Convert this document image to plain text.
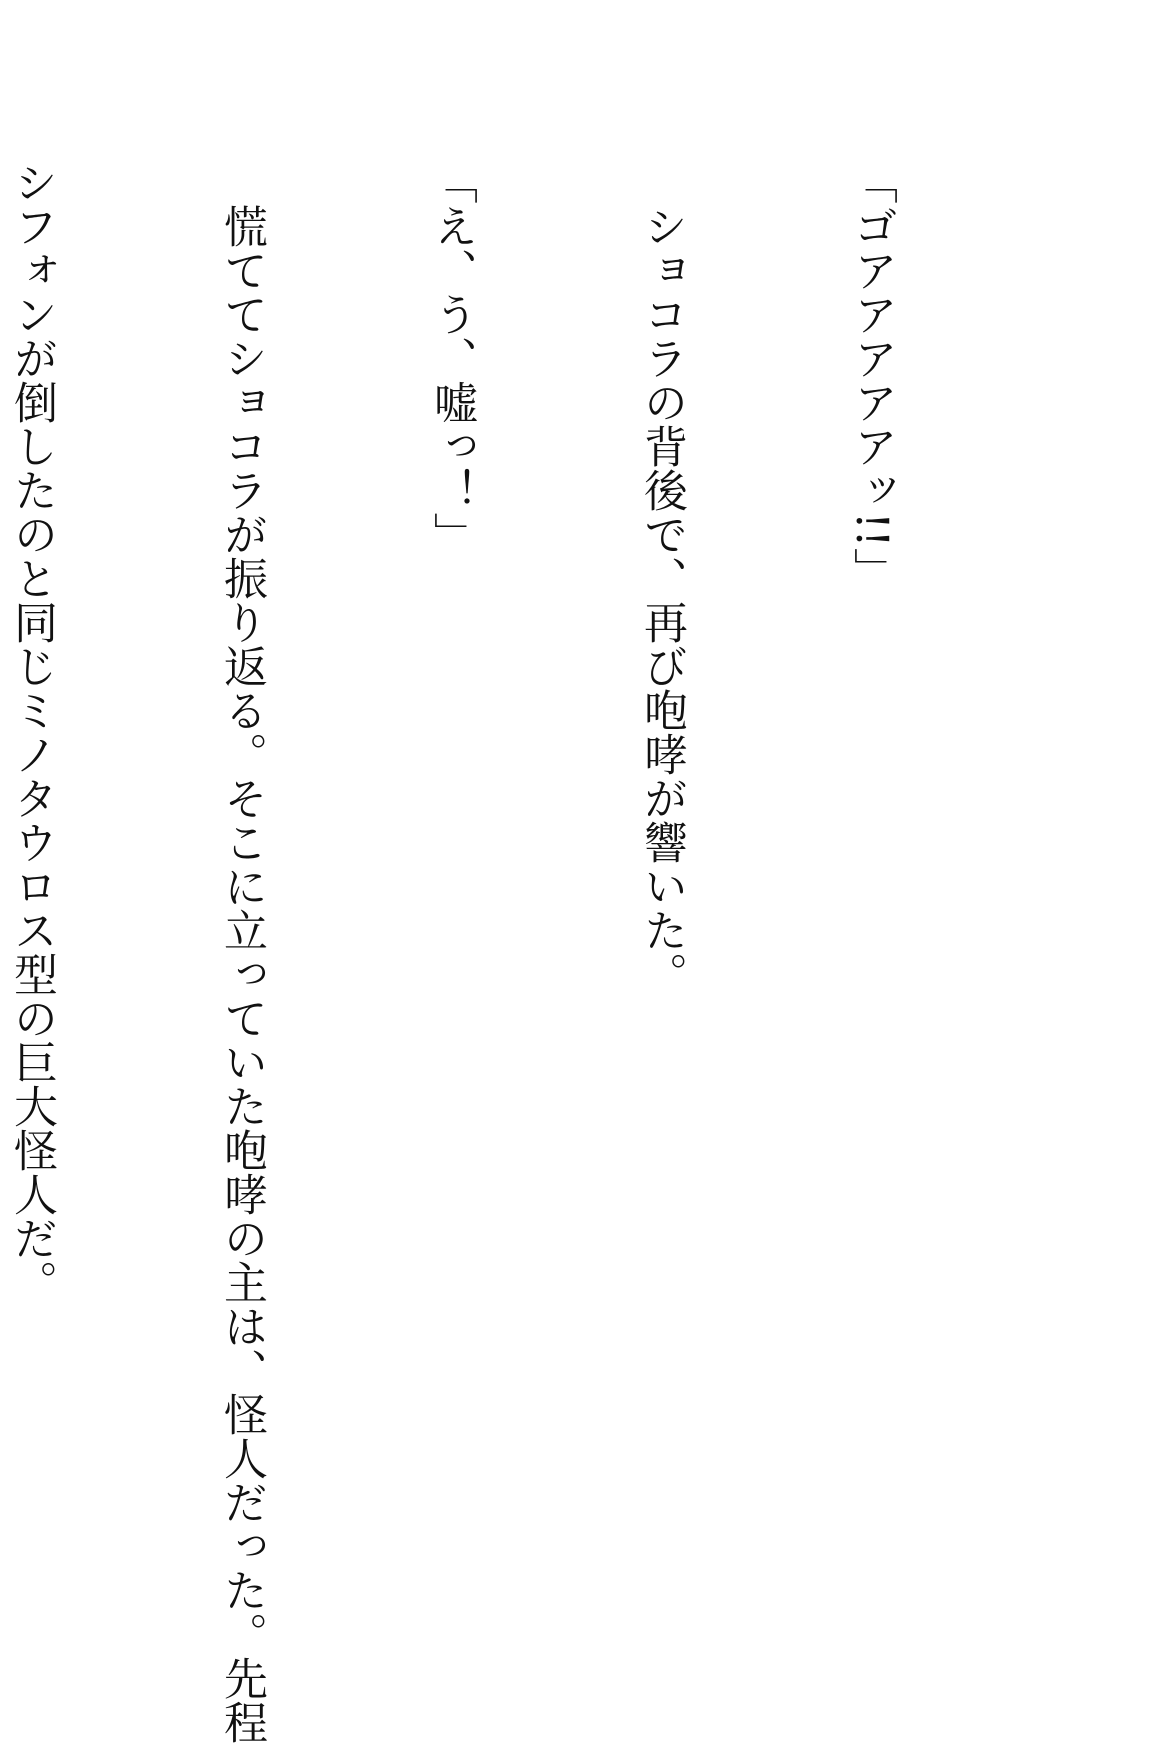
「ゴアアアアアッ!!」

　ショコラの背後で、再び咆哮が響いた。

「え、う、嘘っ！」

　慌ててショコラが振り返る。そこに立っていた咆哮の主は、怪人だった。先程

シフォンが倒したのと同じミノタウロス型の巨大怪人だ。
